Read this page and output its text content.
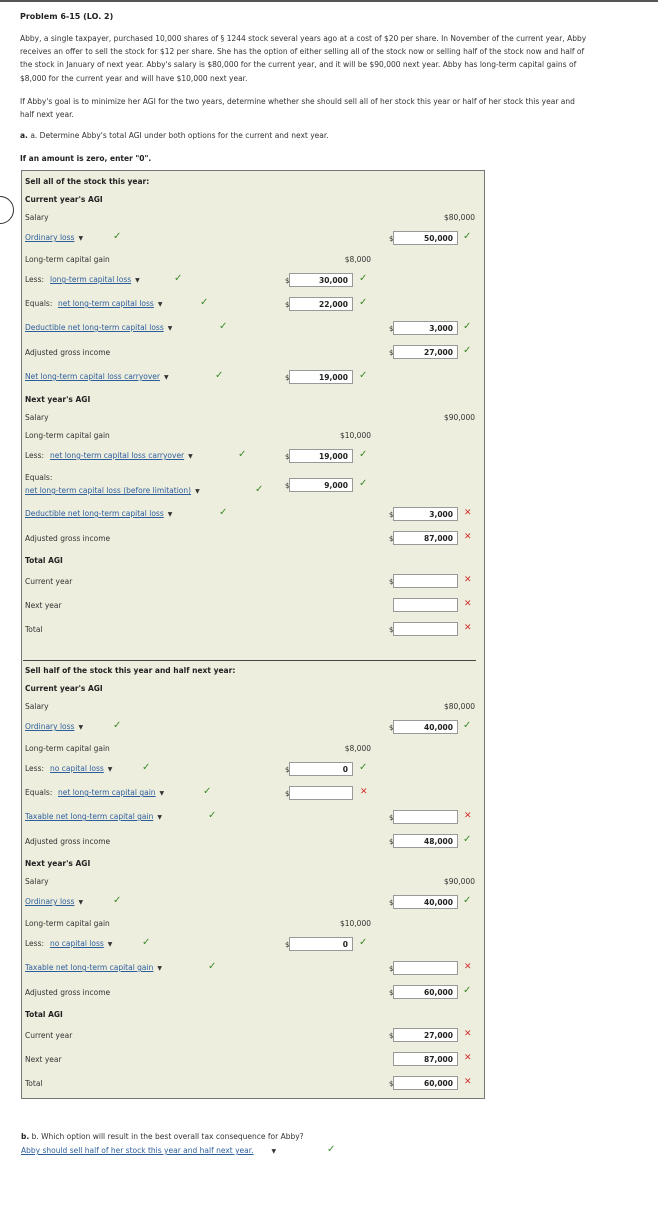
Problem 6-15 (LO. 2)
Abby, a single taxpayer, purchased 10,000 shares of § 1244 stock several years ago at a cost of $20 per share. In November of the current year, Abby receives an offer to sell the stock for $12 per share. She has the option of either selling all of the stock now or selling half of the stock now and half of the stock in January of next year. Abby's salary is $80,000 for the current year, and it will be $90,000 next year. Abby has long-term capital gains of $8,000 for the current year and will have $10,000 next year.
If Abby's goal is to minimize her AGI for the two years, determine whether she should sell all of her stock this year or half of her stock this year and half next year.
a. a. Determine Abby's total AGI under both options for the current and next year.
If an amount is zero, enter "0".
Sell all of the stock this year:
Current year's AGI
Salary	$80,000
Ordinary loss ▼	✓	$	50,000	✓
Long-term capital gain	$8,000
Less: long-term capital loss ▼	✓	$	30,000	✓
Equals: net long-term capital loss ▼	✓	$	22,000	✓
Deductible net long-term capital loss ▼	✓	$	3,000	✓
Adjusted gross income	$	27,000	✓
Net long-term capital loss carryover ▼	✓	$	19,000	✓
Next year's AGI
Salary	$90,000
Long-term capital gain	$10,000
Less: net long-term capital loss carryover ▼	✓	$	19,000	✓
Equals:
net long-term capital loss (before limitation) ▼	✓	$	9,000	✓
Deductible net long-term capital loss ▼	✓	$	3,000	✕
Adjusted gross income	$	87,000	✕
Total AGI
Current year	$	✕
Next year	✕
Total	$	✕
Sell half of the stock this year and half next year:
Current year's AGI
Salary	$80,000
Ordinary loss ▼	✓	$	40,000	✓
Long-term capital gain	$8,000
Less: no capital loss ▼	✓	$	0	✓
Equals: net long-term capital gain ▼	✓	$	✕
Taxable net long-term capital gain ▼	✓	$	✕
Adjusted gross income	$	48,000	✓
Next year's AGI
Salary	$90,000
Ordinary loss ▼	✓	$	40,000	✓
Long-term capital gain	$10,000
Less: no capital loss ▼	✓	$	0	✓
Taxable net long-term capital gain ▼	✓	$	✕
Adjusted gross income	$	60,000	✓
Total AGI
Current year	$	27,000	✕
Next year	87,000	✕
Total	$	60,000	✕
b. b. Which option will result in the best overall tax consequence for Abby?
Abby should sell half of her stock this year and half next year.	▼	✓
